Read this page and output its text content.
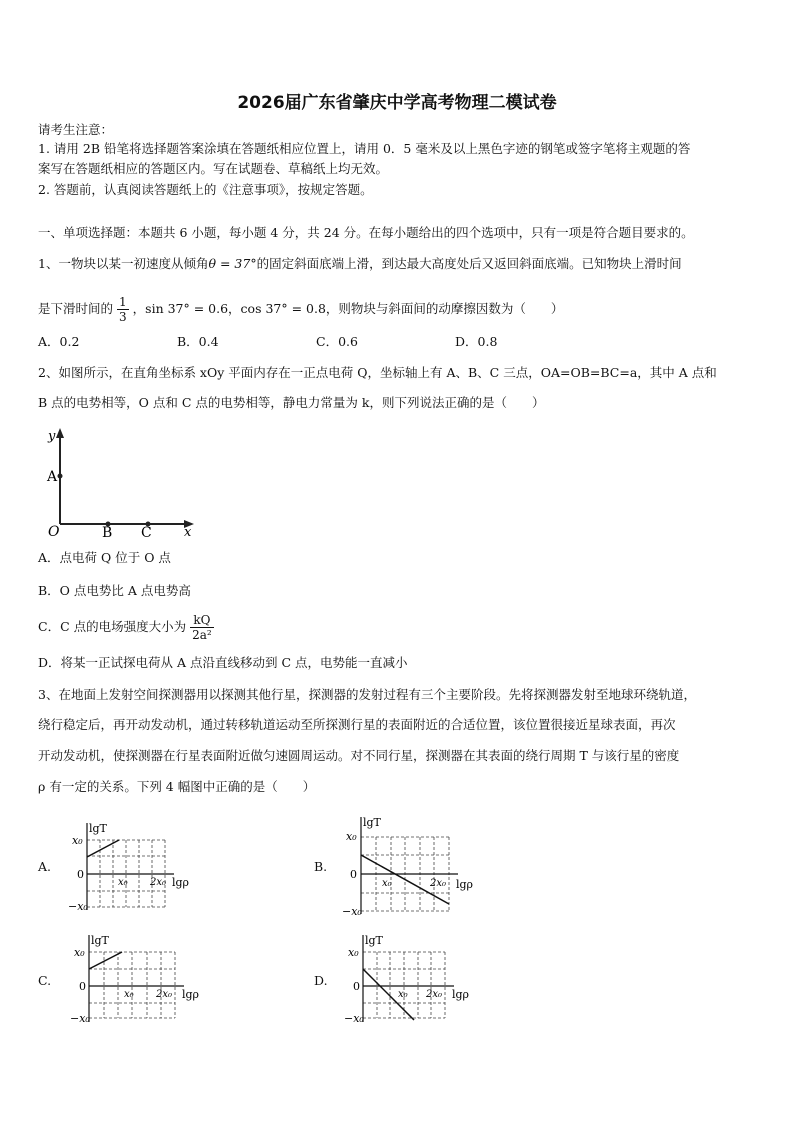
2026届广东省肇庆中学高考物理二模试卷
请考生注意：
1. 请用 2B 铅笔将选择题答案涂填在答题纸相应位置上，请用 0．5 毫米及以上黑色字迹的钢笔或签字笔将主观题的答
案写在答题纸相应的答题区内。写在试题卷、草稿纸上均无效。
2. 答题前，认真阅读答题纸上的《注意事项》，按规定答题。
一、单项选择题：本题共 6 小题，每小题 4 分，共 24 分。在每小题给出的四个选项中，只有一项是符合题目要求的。
1、一物块以某一初速度从倾角θ = 37°的固定斜面底端上滑，到达最大高度处后又返回斜面底端。已知物块上滑时间
是下滑时间的 $\frac{1}{3}$ ，sin 37° = 0.6，cos 37° = 0.8，则物块与斜面间的动摩擦因数为（　　）
A．0.2	B．0.4	C．0.6	D．0.8
2、如图所示，在直角坐标系 xOy 平面内存在一正点电荷 Q，坐标轴上有 A、B、C 三点，OA=OB=BC=a，其中 A 点和
B 点的电势相等，O 点和 C 点的电势相等，静电力常量为 k，则下列说法正确的是（　　）
y
x
A
O	B C
A．点电荷 Q 位于 O 点
B．O 点电势比 A 点电势高
C．C 点的电场强度大小为 $\frac{kQ}{\text{2a²}}$
D．将某一正试探电荷从 A 点沿直线移动到 C 点，电势能一直减小
3、在地面上发射空间探测器用以探测其他行星，探测器的发射过程有三个主要阶段。先将探测器发射至地球环绕轨道，
绕行稳定后，再开动发动机，通过转移轨道运动至所探测行星的表面附近的合适位置，该位置很接近星球表面，再次
开动发动机，使探测器在行星表面附近做匀速圆周运动。对不同行星，探测器在其表面的绕行周期 T 与该行星的密度
ρ 有一定的关系。下列 4 幅图中正确的是（　　）
A.	B.
C.	D.
lgT
x₀
0
−x₀
x₀ 2x₀ lgρ
lgT
x₀
0
−x₀
x₀	2x₀ lgρ
lgT
x₀
0
−x₀
x₀ 2x₀ lgρ
lgT
x₀
0
−x₀
x₀ 2x₀ lgρ
